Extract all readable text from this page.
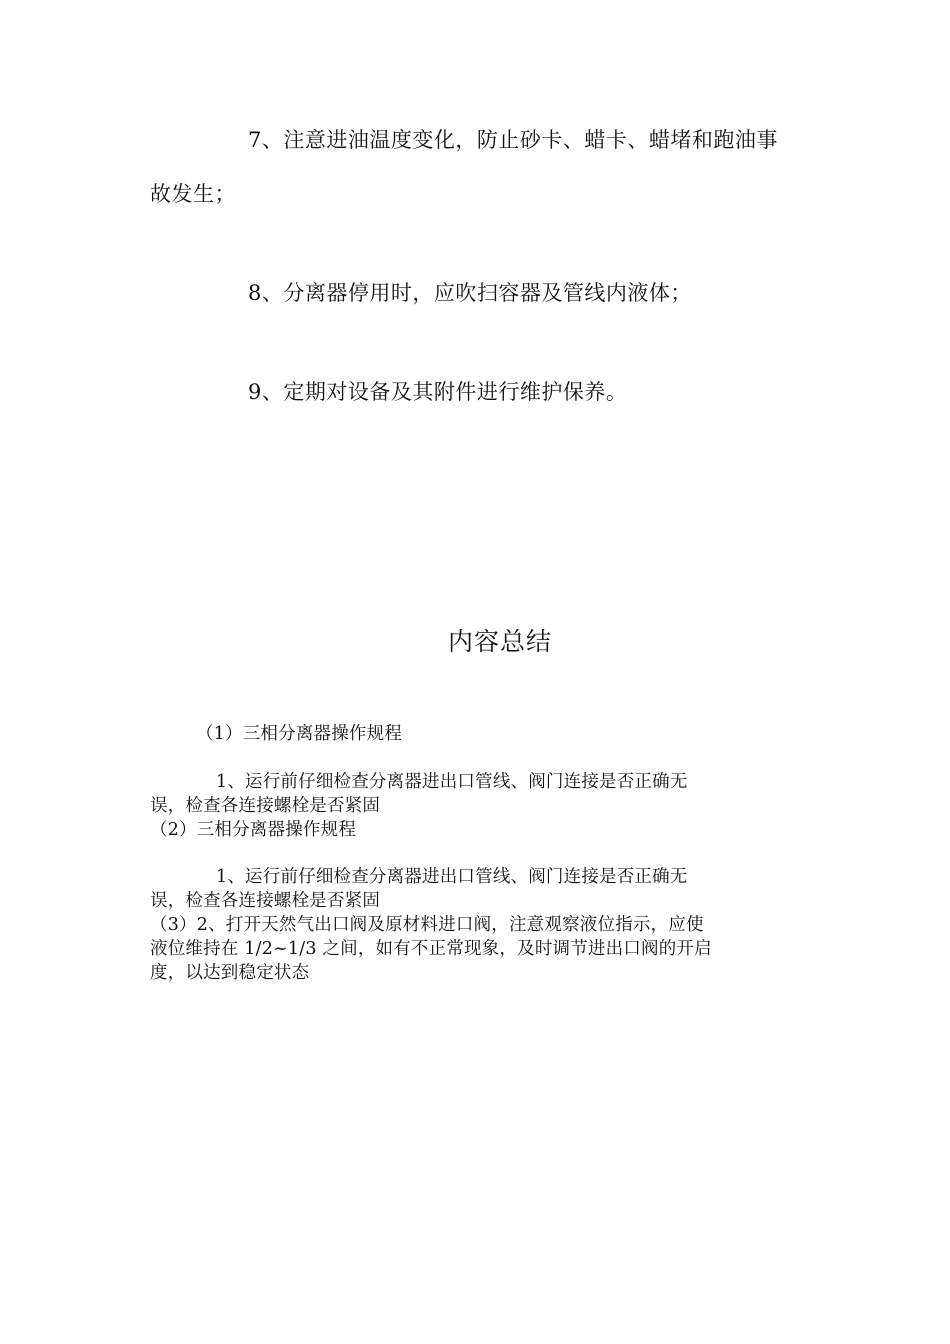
7、注意进油温度变化，防止砂卡、蜡卡、蜡堵和跑油事
故发生；
8、分离器停用时，应吹扫容器及管线内液体；
9、定期对设备及其附件进行维护保养。
内容总结
（1）三相分离器操作规程
1、运行前仔细检查分离器进出口管线、阀门连接是否正确无
误，检查各连接螺栓是否紧固
（2）三相分离器操作规程
1、运行前仔细检查分离器进出口管线、阀门连接是否正确无
误，检查各连接螺栓是否紧固
（3）2、打开天然气出口阀及原材料进口阀，注意观察液位指示，应使
液位维持在 1/2~1/3 之间，如有不正常现象，及时调节进出口阀的开启
度，以达到稳定状态
